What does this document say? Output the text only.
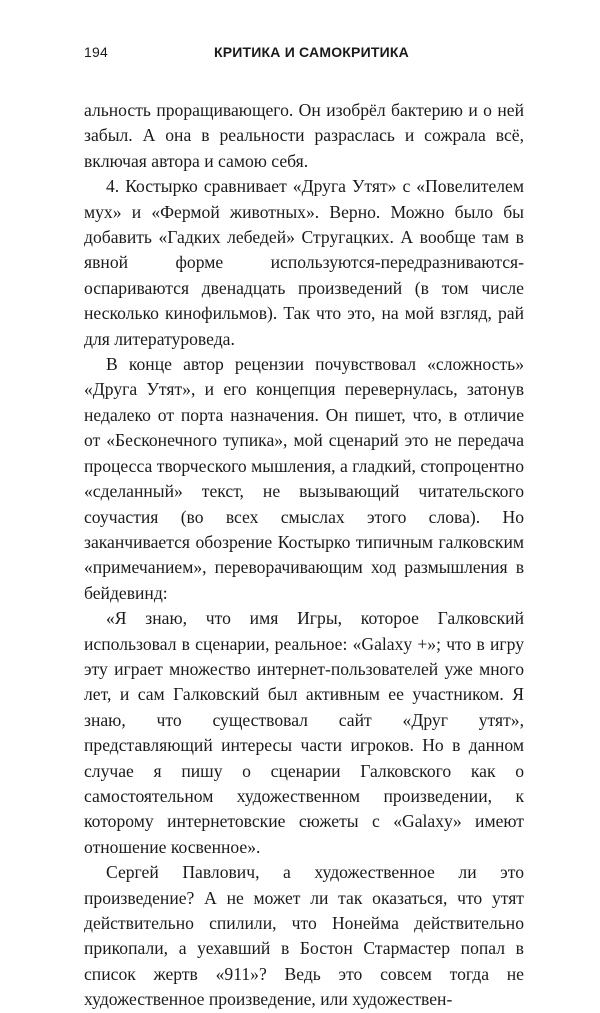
194	КРИТИКА И САМОКРИТИКА

альность проращивающего. Он изобрёл бактерию и о ней забыл. А она в реальности разраслась и сожрала всё, включая автора и самою себя.

4. Костырко сравнивает «Друга Утят» с «Повелителем мух» и «Фермой животных». Верно. Можно было бы добавить «Гадких лебедей» Стругацких. А вообще там в явной форме используются-передразниваются-оспариваются двенадцать произведений (в том числе несколько кинофильмов). Так что это, на мой взгляд, рай для литературоведа.

В конце автор рецензии почувствовал «сложность» «Друга Утят», и его концепция перевернулась, затонув недалеко от порта назначения. Он пишет, что, в отличие от «Бесконечного тупика», мой сценарий это не передача процесса творческого мышления, а гладкий, стопроцентно «сделанный» текст, не вызывающий читательского соучастия (во всех смыслах этого слова). Но заканчивается обозрение Костырко типичным галковским «примечанием», переворачивающим ход размышления в бейдевинд:

«Я знаю, что имя Игры, которое Галковский использовал в сценарии, реальное: «Galaxy +»; что в игру эту играет множество интернет-пользователей уже много лет, и сам Галковский был активным ее участником. Я знаю, что существовал сайт «Друг утят», представляющий интересы части игроков. Но в данном случае я пишу о сценарии Галковского как о самостоятельном художественном произведении, к которому интернетовские сюжеты с «Galaxy» имеют отношение косвенное».

Сергей Павлович, а художественное ли это произведение? А не может ли так оказаться, что утят действительно спилили, что Нонейма действительно прикопали, а уехавший в Бостон Стармастер попал в список жертв «911»? Ведь это совсем тогда не художественное произведение, или художествен-
